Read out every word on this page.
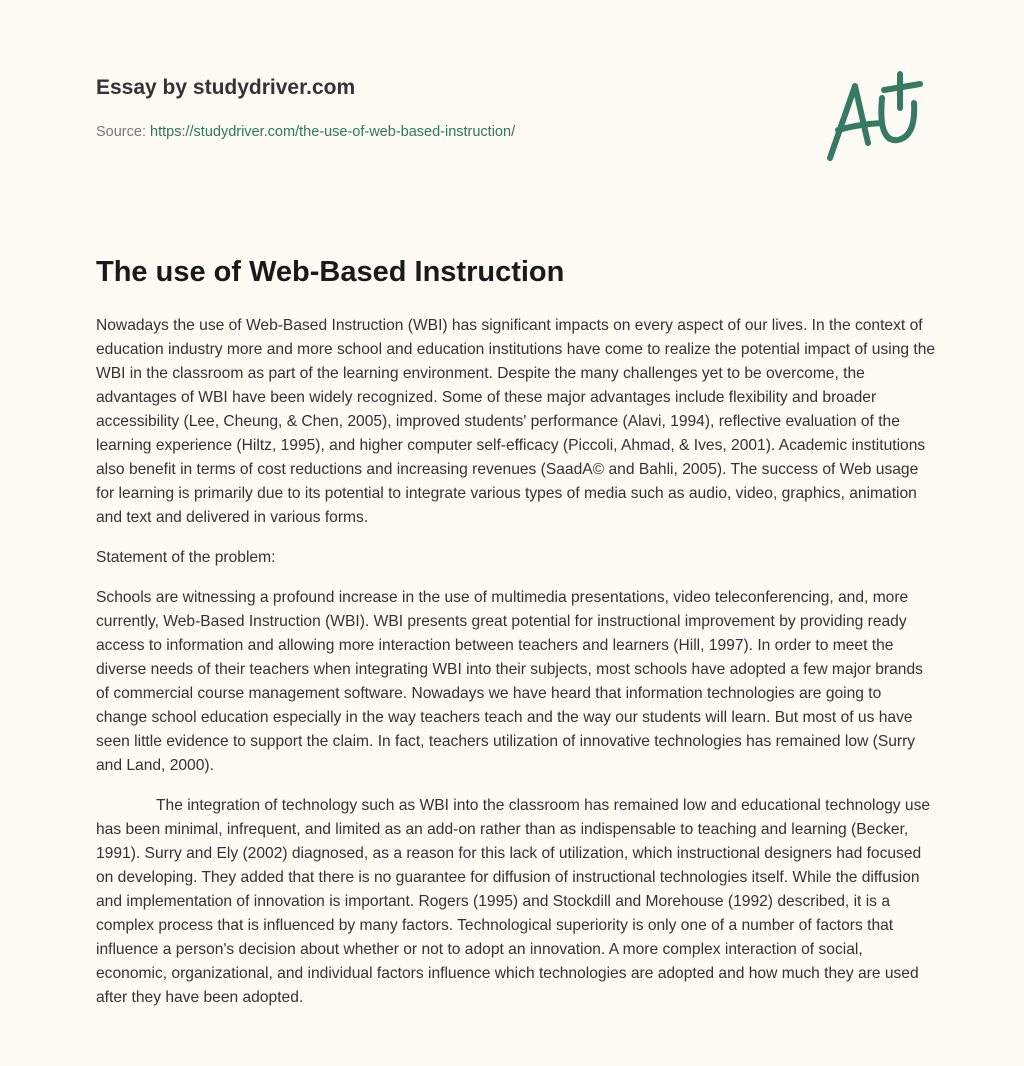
Essay by studydriver.com
Source: https://studydriver.com/the-use-of-web-based-instruction/
The use of Web-Based Instruction

Nowadays the use of Web-Based Instruction (WBI) has significant impacts on every aspect of our lives. In the context of education industry more and more school and education institutions have come to realize the potential impact of using the WBI in the classroom as part of the learning environment. Despite the many challenges yet to be overcome, the advantages of WBI have been widely recognized. Some of these major advantages include flexibility and broader accessibility (Lee, Cheung, & Chen, 2005), improved students' performance (Alavi, 1994), reflective evaluation of the learning experience (Hiltz, 1995), and higher computer self-efficacy (Piccoli, Ahmad, & Ives, 2001). Academic institutions also benefit in terms of cost reductions and increasing revenues (SaadA© and Bahli, 2005). The success of Web usage for learning is primarily due to its potential to integrate various types of media such as audio, video, graphics, animation and text and delivered in various forms.

Statement of the problem:

Schools are witnessing a profound increase in the use of multimedia presentations, video teleconferencing, and, more currently, Web-Based Instruction (WBI). WBI presents great potential for instructional improvement by providing ready access to information and allowing more interaction between teachers and learners (Hill, 1997). In order to meet the diverse needs of their teachers when integrating WBI into their subjects, most schools have adopted a few major brands of commercial course management software. Nowadays we have heard that information technologies are going to change school education especially in the way teachers teach and the way our students will learn. But most of us have seen little evidence to support the claim. In fact, teachers utilization of innovative technologies has remained low (Surry and Land, 2000).

The integration of technology such as WBI into the classroom has remained low and educational technology use has been minimal, infrequent, and limited as an add-on rather than as indispensable to teaching and learning (Becker, 1991). Surry and Ely (2002) diagnosed, as a reason for this lack of utilization, which instructional designers had focused on developing. They added that there is no guarantee for diffusion of instructional technologies itself. While the diffusion and implementation of innovation is important. Rogers (1995) and Stockdill and Morehouse (1992) described, it is a complex process that is influenced by many factors. Technological superiority is only one of a number of factors that influence a person's decision about whether or not to adopt an innovation. A more complex interaction of social, economic, organizational, and individual factors influence which technologies are adopted and how much they are used after they have been adopted.
